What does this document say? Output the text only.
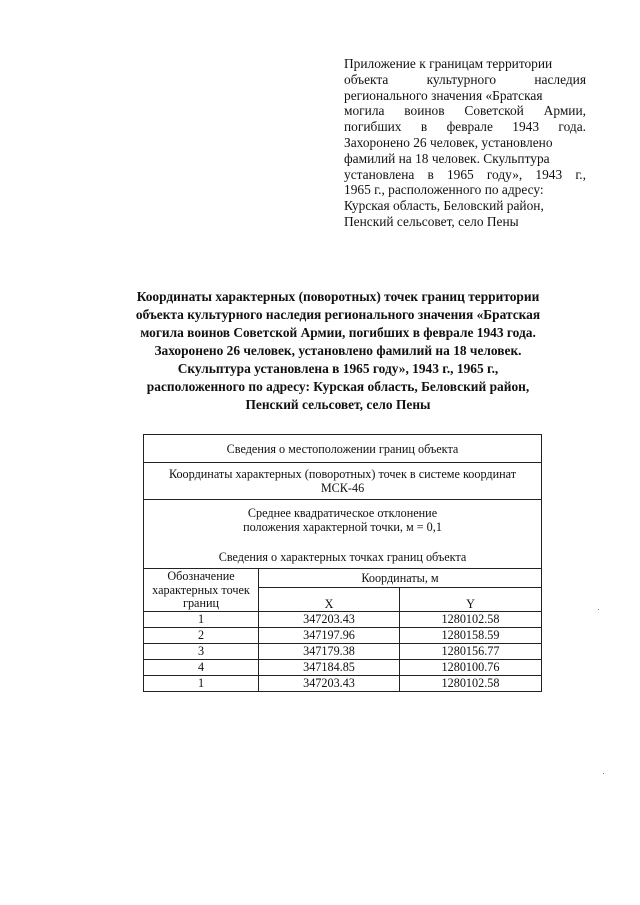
Приложение к границам территории
объекта культурного наследия
регионального значения «Братская
могила воинов Советской Армии,
погибших в феврале 1943 года.
Захоронено 26 человек, установлено
фамилий на 18 человек. Скульптура
установлена в 1965 году», 1943 г.,
1965 г., расположенного по адресу:
Курская область, Беловский район,
Пенский сельсовет, село Пены
Координаты характерных (поворотных) точек границ территории
объекта культурного наследия регионального значения «Братская
могила воинов Советской Армии, погибших в феврале 1943 года.
Захоронено 26 человек, установлено фамилий на 18 человек.
Скульптура установлена в 1965 году», 1943 г., 1965 г.,
расположенного по адресу: Курская область, Беловский район,
Пенский сельсовет, село Пены
Сведения о местоположении границ объекта		
Координаты характерных (поворотных) точек в системе координат МСК-46		

Среднее квадратическое отклонение
положения характерной точки, м = 0,1
Сведения о характерных точках границ объекта		

Обозначение характерных точек границ	Координаты, м	
	X	Y
1	347203.43	1280102.58
2	347197.96	1280158.59
3	347179.38	1280156.77
4	347184.85	1280100.76
1	347203.43	1280102.58
